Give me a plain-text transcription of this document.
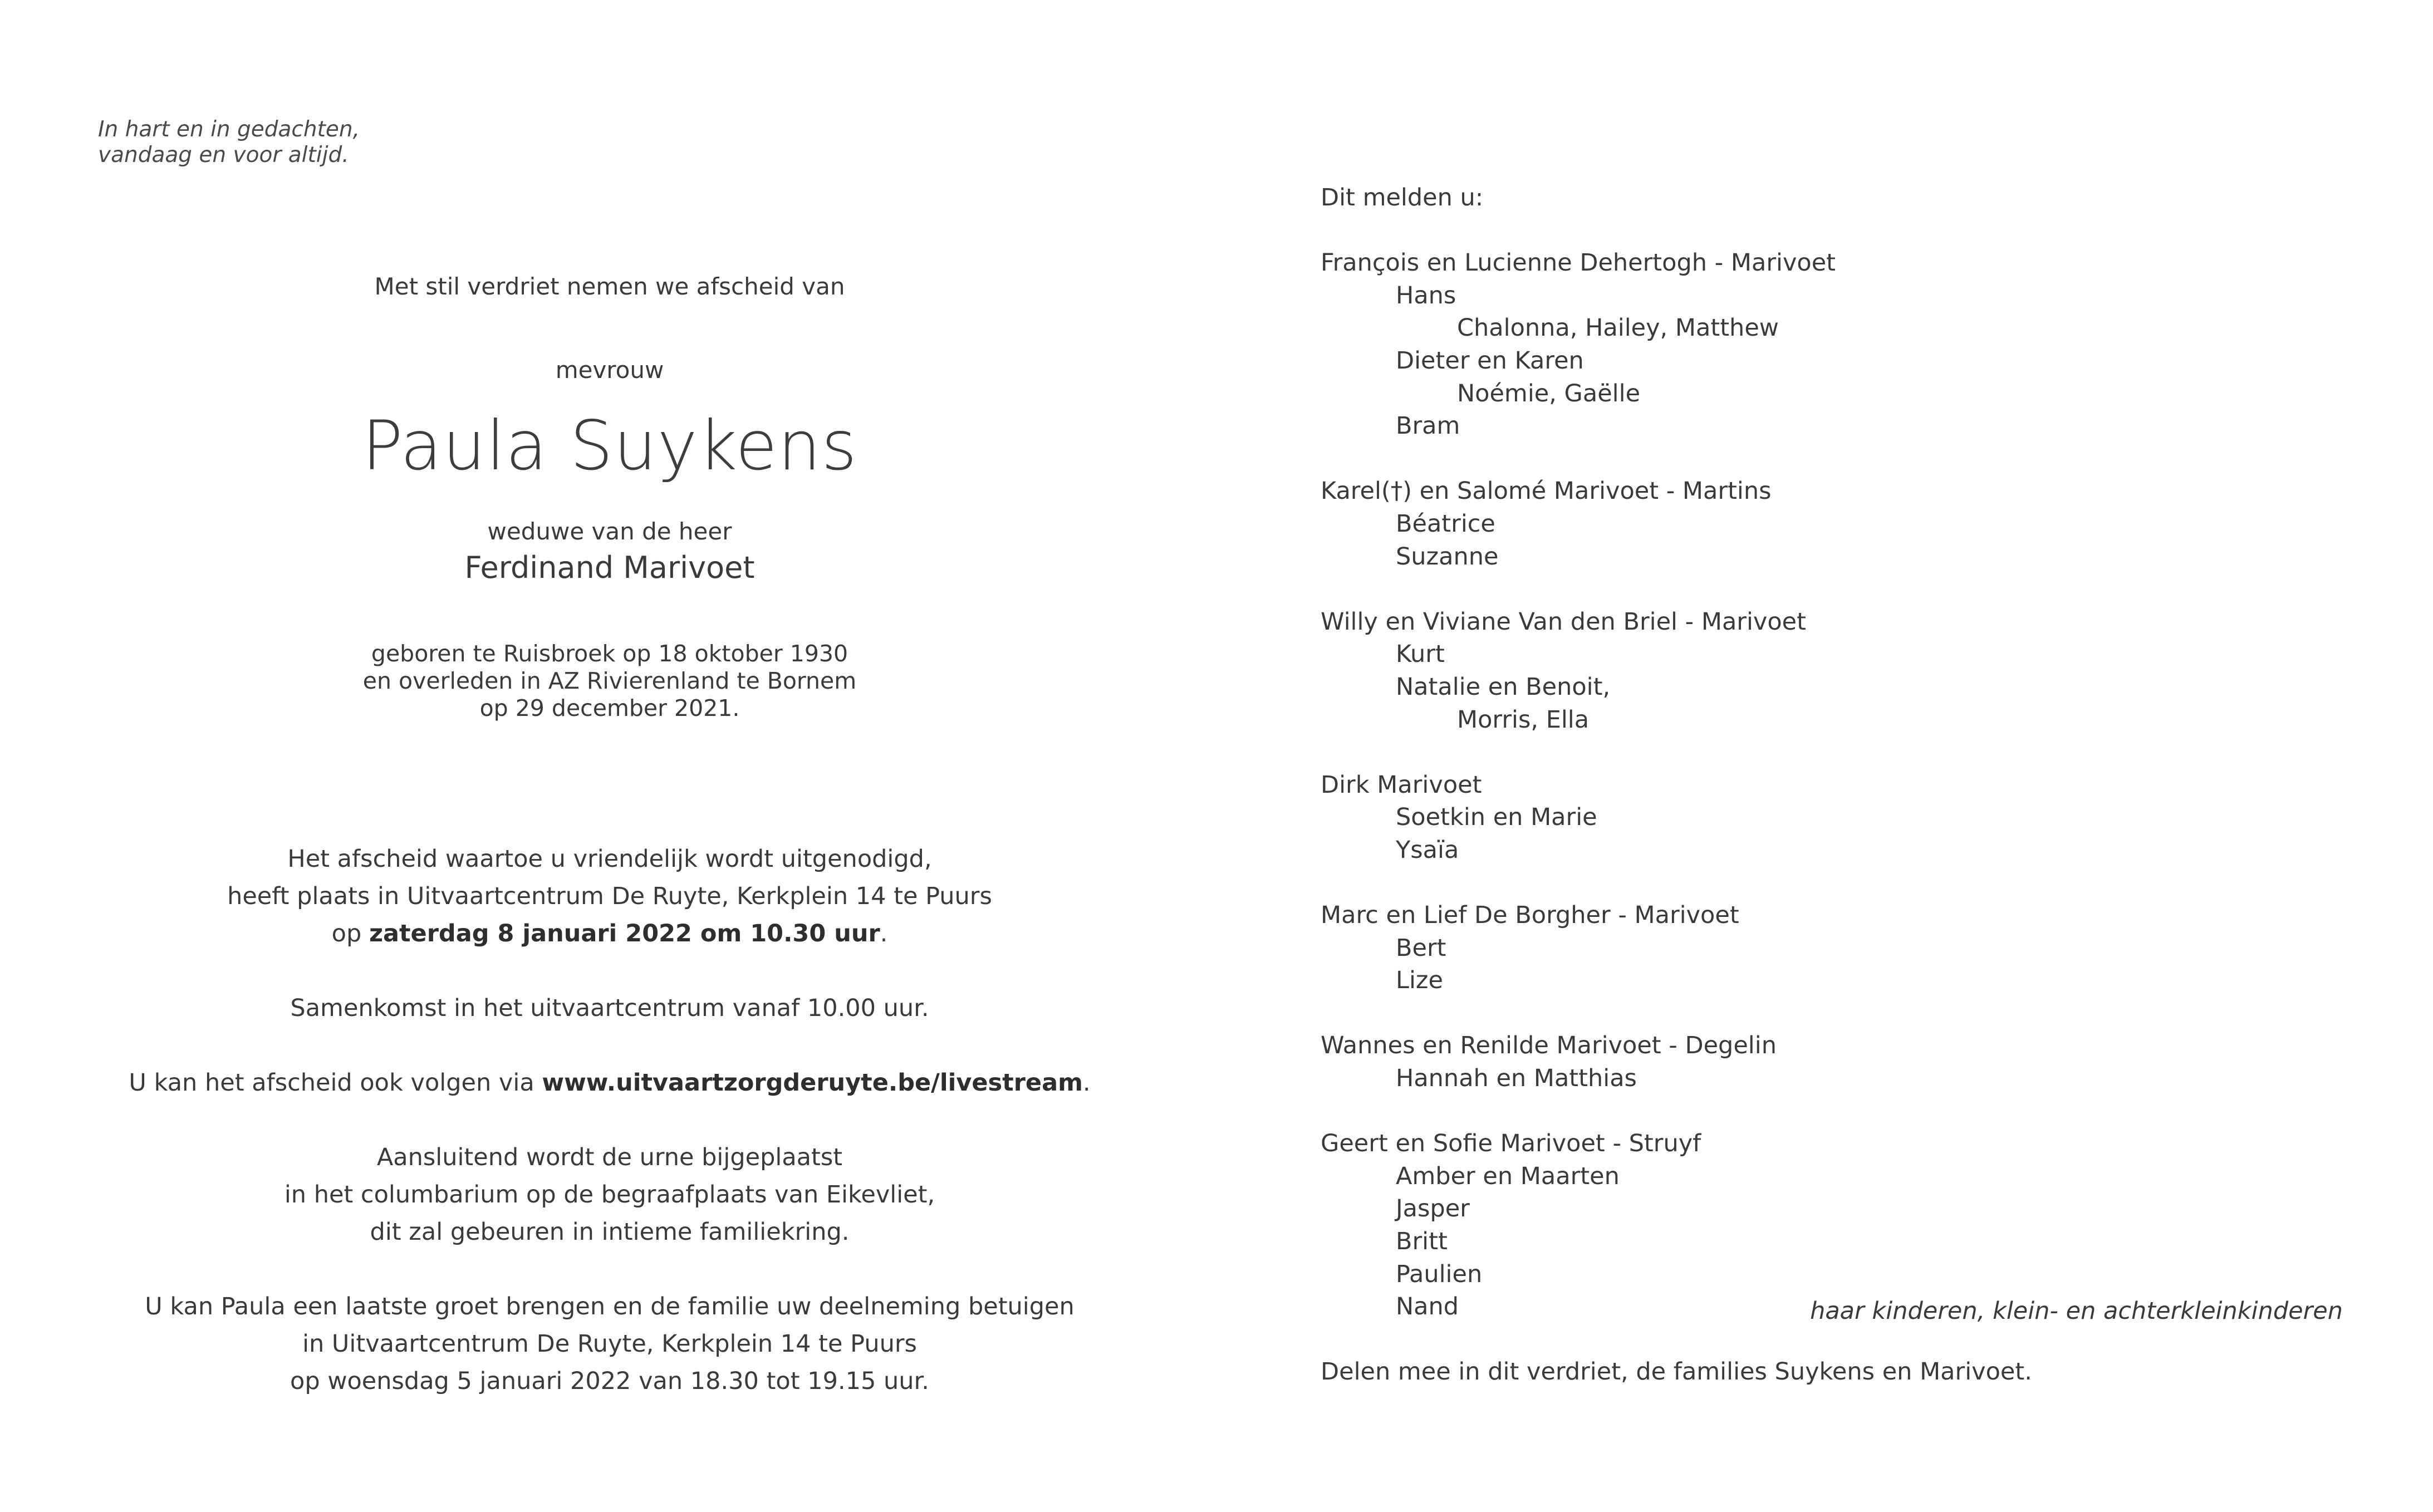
In hart en in gedachten,
vandaag en voor altijd.
Met stil verdriet nemen we afscheid van
mevrouw
Paula Suykens
weduwe van de heer
Ferdinand Marivoet
geboren te Ruisbroek op 18 oktober 1930
en overleden in AZ Rivierenland te Bornem
op 29 december 2021.

Het afscheid waartoe u vriendelijk wordt uitgenodigd,

heeft plaats in Uitvaartcentrum De Ruyte, Kerkplein 14 te Puurs

op zaterdag 8 januari 2022 om 10.30 uur.

Samenkomst in het uitvaartcentrum vanaf 10.00 uur.

U kan het afscheid ook volgen via www.uitvaartzorgderuyte.be/livestream.

Aansluitend wordt de urne bijgeplaatst

in het columbarium op de begraafplaats van Eikevliet,

dit zal gebeuren in intieme familiekring.

U kan Paula een laatste groet brengen en de familie uw deelneming betuigen

in Uitvaartcentrum De Ruyte, Kerkplein 14 te Puurs

op woensdag 5 januari 2022 van 18.30 tot 19.15 uur.

Dit melden u:
François en Lucienne Dehertogh - Marivoet
Hans
Chalonna, Hailey, Matthew
Dieter en Karen
Noémie, Gaëlle
Bram
Karel(†) en Salomé Marivoet - Martins
Béatrice
Suzanne
Willy en Viviane Van den Briel - Marivoet
Kurt
Natalie en Benoit,
Morris, Ella
Dirk Marivoet
Soetkin en Marie
Ysaïa
Marc en Lief De Borgher - Marivoet
Bert
Lize
Wannes en Renilde Marivoet - Degelin
Hannah en Matthias
Geert en Sofie Marivoet - Struyf
Amber en Maarten
Jasper
Britt
Paulien
Nand
Delen mee in dit verdriet, de families Suykens en Marivoet.
haar kinderen, klein- en achterkleinkinderen
